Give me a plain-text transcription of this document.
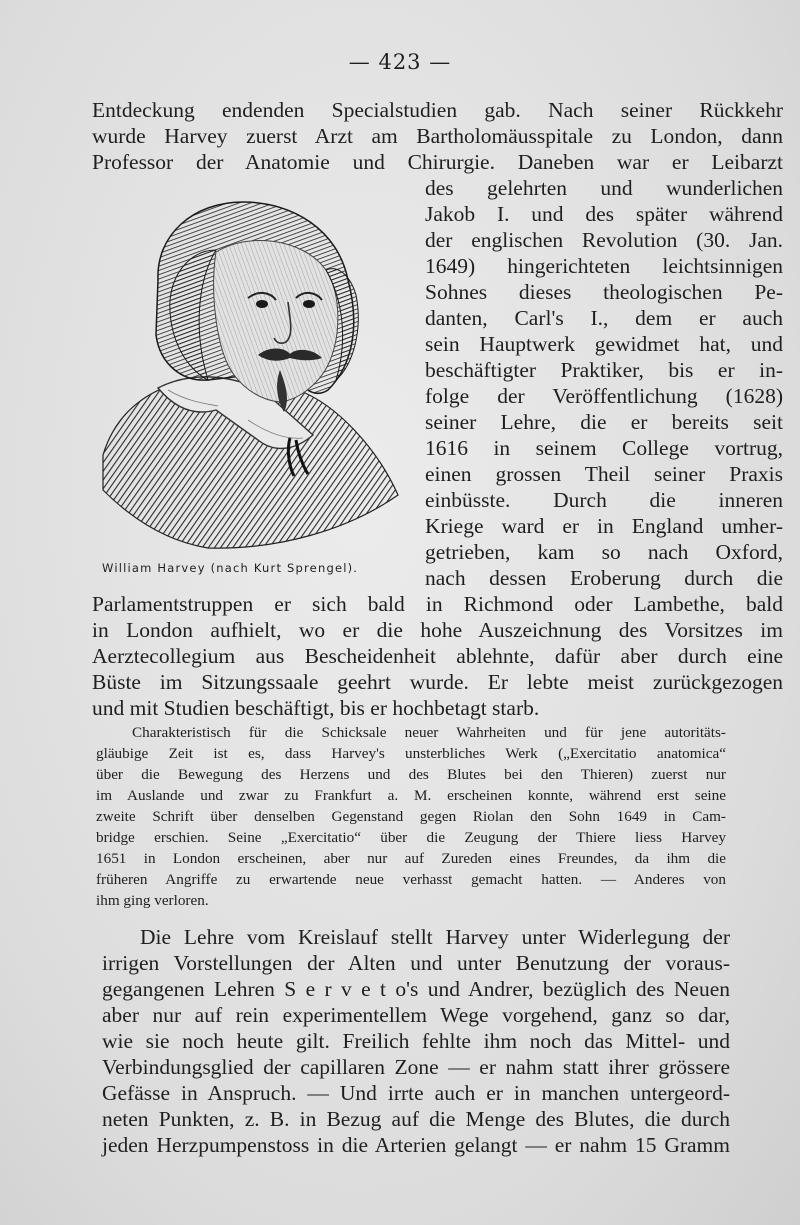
— 423 —
Entdeckung endenden Specialstudien gab. Nach seiner Rückkehr
wurde Harvey zuerst Arzt am Bartholomäusspitale zu London, dann
Professor der Anatomie und Chirurgie. Daneben war er Leibarzt
des gelehrten und wunderlichen
Jakob I. und des später während
der englischen Revolution (30. Jan.
1649) hingerichteten leichtsinnigen
Sohnes dieses theologischen Pe-
danten, Carl's I., dem er auch
sein Hauptwerk gewidmet hat, und
beschäftigter Praktiker, bis er in-
folge der Veröffentlichung (1628)
seiner Lehre, die er bereits seit
1616 in seinem College vortrug,
einen grossen Theil seiner Praxis
einbüsste. Durch die inneren
Kriege ward er in England umher-
getrieben, kam so nach Oxford,
nach dessen Eroberung durch die
Parlamentstruppen er sich bald in Richmond oder Lambethe, bald
in London aufhielt, wo er die hohe Auszeichnung des Vorsitzes im
Aerztecollegium aus Bescheidenheit ablehnte, dafür aber durch eine
Büste im Sitzungssaale geehrt wurde. Er lebte meist zurückgezogen
und mit Studien beschäftigt, bis er hochbetagt starb.
Charakteristisch für die Schicksale neuer Wahrheiten und für jene autoritäts-
gläubige Zeit ist es, dass Harvey's unsterbliches Werk („Exercitatio anatomica“
über die Bewegung des Herzens und des Blutes bei den Thieren) zuerst nur
im Auslande und zwar zu Frankfurt a. M. erscheinen konnte, während erst seine
zweite Schrift über denselben Gegenstand gegen Riolan den Sohn 1649 in Cam-
bridge erschien. Seine „Exercitatio“ über die Zeugung der Thiere liess Harvey
1651 in London erscheinen, aber nur auf Zureden eines Freundes, da ihm die
früheren Angriffe zu erwartende neue verhasst gemacht hatten. — Anderes von
ihm ging verloren.
Die Lehre vom Kreislauf stellt Harvey unter Widerlegung der
irrigen Vorstellungen der Alten und unter Benutzung der voraus-
gegangenen Lehren S e r v e t o's und Andrer, bezüglich des Neuen
aber nur auf rein experimentellem Wege vorgehend, ganz so dar,
wie sie noch heute gilt. Freilich fehlte ihm noch das Mittel- und
Verbindungsglied der capillaren Zone — er nahm statt ihrer grössere
Gefässe in Anspruch. — Und irrte auch er in manchen untergeord-
neten Punkten, z. B. in Bezug auf die Menge des Blutes, die durch
jeden Herzpumpenstoss in die Arterien gelangt — er nahm 15 Gramm
William Harvey (nach Kurt Sprengel).
